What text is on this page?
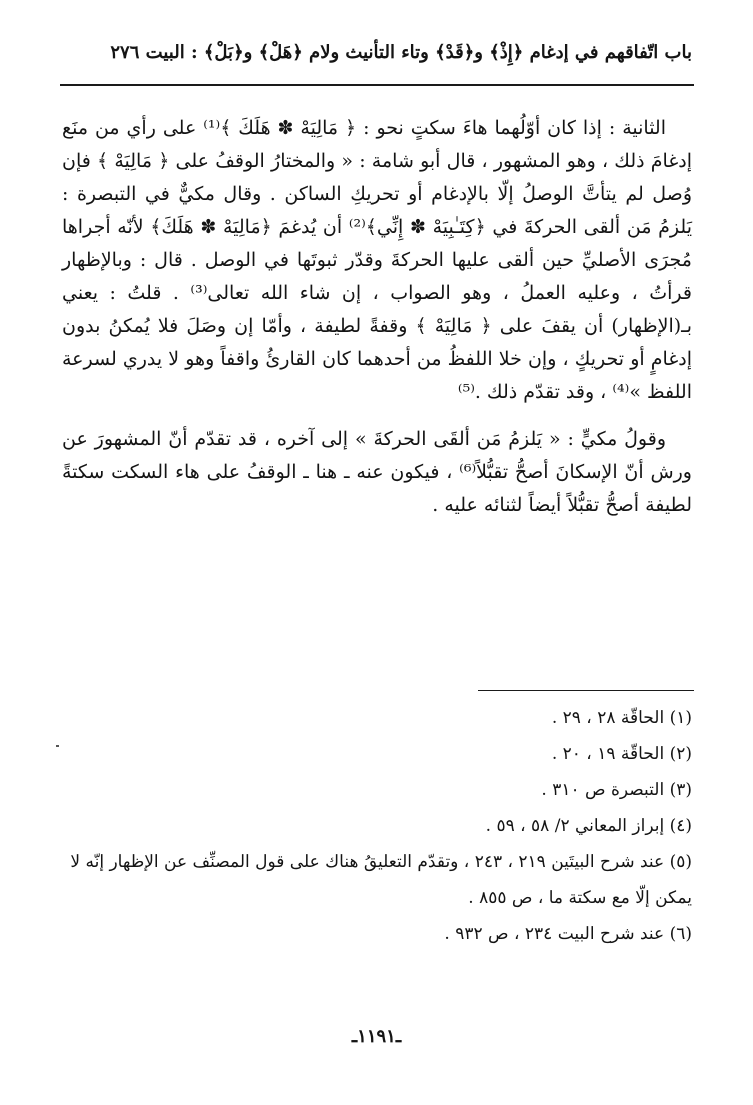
باب اتّفاقهم في إدغام ﴿إِذْ﴾ و﴿قَدْ﴾ وتاء التأنيث ولام ﴿هَلْ﴾ و﴿بَلْ﴾ : البيت ٢٧٦

الثانية : إذا كان أوّلُهما هاءَ سكتٍ نحو : ﴿ مَالِيَهْ ✽ هَلَكَ ﴾⁽¹⁾ على رأي من منَع إدغامَ ذلك ، وهو المشهور ، قال أبو شامة : « والمختارُ الوقفُ على ﴿ مَالِيَهْ ﴾ فإن وُصل لم يتأتَّ الوصلُ إلّا بالإدغام أو تحريكِ الساكن . وقال مكيٌّ في التبصرة : يَلزمُ مَن ألقى الحركةَ في ﴿كِتَـٰبِيَهْ ✽ إِنِّي﴾⁽²⁾ أن يُدغمَ ﴿مَالِيَهْ ✽ هَلَكَ﴾ لأنّه أجراها مُجرَى الأصليِّ حين ألقى عليها الحركةَ وقدّر ثبوتَها في الوصل . قال : وبالإظهار قرأتُ ، وعليه العملُ ، وهو الصواب ، إن شاء الله تعالى⁽³⁾ . قلتُ : يعني بـ(الإظهار) أن يقفَ على ﴿ مَالِيَهْ ﴾ وقفةً لطيفة ، وأمّا إن وصَلَ فلا يُمكنُ بدون إدغامٍ أو تحريكٍ ، وإن خلا اللفظُ من أحدهما كان القارئُ واقفاً وهو لا يدري لسرعة اللفظ »⁽⁴⁾ ، وقد تقدّم ذلك .⁽⁵⁾

وقولُ مكيٍّ : « يَلزمُ مَن ألقَى الحركةَ » إلى آخره ، قد تقدّم أنّ المشهورَ عن ورش أنّ الإسكانَ أصحُّ تقبُّلاً⁽⁶⁾ ، فيكون عنه ـ هنا ـ الوقفُ على هاء السكت سكتةً لطيفة أصحُّ تقبُّلاً أيضاً لثنائه عليه .

(١) الحاقّة ٢٨ ، ٢٩ .

(٢) الحاقّة ١٩ ، ٢٠ .

(٣) التبصرة ص ٣١٠ .

(٤) إبراز المعاني ٢/ ٥٨ ، ٥٩ .

(٥) عند شرح البيتَين ٢١٩ ، ٢٤٣ ، وتقدّم التعليقُ هناك على قول المصنِّف عن الإظهار إنّه لا يمكن إلّا مع سكتة ما ، ص ٨٥٥ .

(٦) عند شرح البيت ٢٣٤ ، ص ٩٣٢ .

ـ١١٩١ـ
